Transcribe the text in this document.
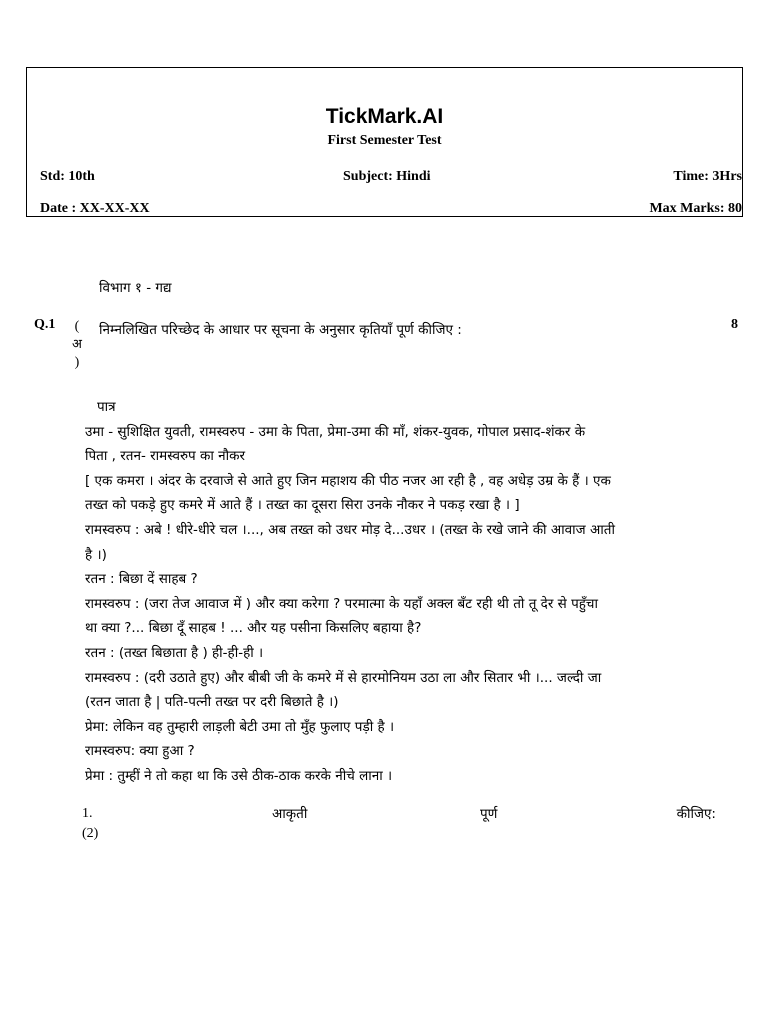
TickMark.AI
First Semester Test
Std: 10th	Subject: Hindi	Time: 3Hrs
Date : XX-XX-XX	Max Marks: 80
विभाग १ - गद्य
Q.1	(
अ
)
निम्नलिखित परिच्छेद के आधार पर सूचना के अनुसार कृतियाँ पूर्ण कीजिए :	8
पात्र
उमा - सुशिक्षित युवती, रामस्वरुप - उमा के पिता, प्रेमा-उमा की माँ, शंकर-युवक, गोपाल प्रसाद-शंकर के
पिता , रतन- रामस्वरुप का नौकर
[ एक कमरा । अंदर के दरवाजे से आते हुए जिन महाशय की पीठ नजर आ रही है , वह अधेड़ उम्र के हैं । एक
तख्त को पकड़े हुए कमरे में आते हैं । तख्त का दूसरा सिरा उनके नौकर ने पकड़ रखा है । ]
रामस्वरुप : अबे ! धीरे-धीरे चल ।..., अब तख्त को उधर मोड़ दे...उधर । (तख्त के रखे जाने की आवाज आती
है ।)
रतन : बिछा दें साहब ?
रामस्वरुप : (जरा तेज आवाज में ) और क्या करेगा ? परमात्मा के यहाँ अक्ल बँट रही थी तो तू देर से पहुँचा
था क्या ?... बिछा दूँ साहब ! ... और यह पसीना किसलिए बहाया है?
रतन : (तख्त बिछाता है ) ही-ही-ही ।
रामस्वरुप : (दरी उठाते हुए) और बीबी जी के कमरे में से हारमोनियम उठा ला और सितार भी ।... जल्दी जा
(रतन जाता है | पति-पत्नी तख्त पर दरी बिछाते है ।)
प्रेमा: लेकिन वह तुम्हारी लाड़ली बेटी उमा तो मुँह फुलाए पड़ी है ।
रामस्वरुप: क्या हुआ ?
प्रेमा : तुम्हीं ने तो कहा था कि उसे ठीक-ठाक करके नीचे लाना ।
1.	आकृती	पूर्ण	कीजिए:
(2)
